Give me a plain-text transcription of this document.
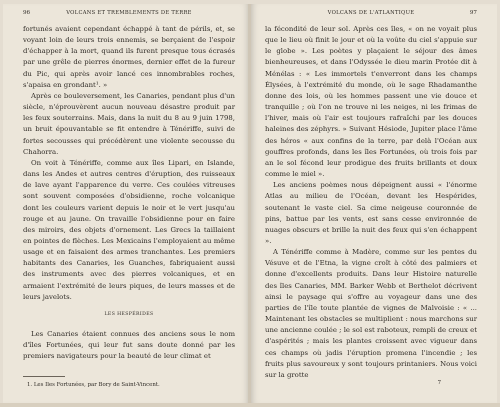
96	VOLCANS ET TREMBLEMENTS DE TERRE

fortunés avaient cependant échappé à tant de périls, et, se voyant loin de leurs trois ennemis, se berçaient de l'espoir d'échapper à la mort, quand ils furent presque tous écrasés par une grêle de pierres énormes, dernier effet de la fureur du Pic, qui après avoir lancé ces innombrables roches, s'apaisa en grondant¹. »

Après ce bouleversement, les Canaries, pendant plus d'un siècle, n'éprouvèrent aucun nouveau désastre produit par les feux souterrains. Mais, dans la nuit du 8 au 9 juin 1798, un bruit épouvantable se fit entendre à Ténériffe, suivi de fortes secousses qui précédèrent une violente secousse du Chahorra.

On voit à Ténériffe, comme aux îles Lipari, en Islande, dans les Andes et autres centres d'éruption, des ruisseaux de lave ayant l'apparence du verre. Ces coulées vitreuses sont souvent composées d'obsidienne, roche volcanique dont les couleurs varient depuis le noir et le vert jusqu'au rouge et au jaune. On travaille l'obsidienne pour en faire des miroirs, des objets d'ornement. Les Grecs la taillaient en pointes de flèches. Les Mexicains l'employaient au même usage et en faisaient des armes tranchantes. Les premiers habitants des Canaries, les Guanches, fabriquaient aussi des instruments avec des pierres volcaniques, et en armaient l'extrémité de leurs piques, de leurs masses et de leurs javelots.

LES HESPÉRIDES

Les Canaries étaient connues des anciens sous le nom d'îles Fortunées, qui leur fut sans doute donné par les premiers navigateurs pour la beauté de leur climat et

1. Les Iles Fortunées, par Bory de Saint-Vincent.
VOLCANS DE L'ATLANTIQUE	97

la fécondité de leur sol. Après ces îles, « on ne voyait plus que le lieu où finit le jour et où la voûte du ciel s'appuie sur le globe ». Les poètes y plaçaient le séjour des âmes bienheureuses, et dans l'Odyssée le dieu marin Protée dit à Ménélas : « Les immortels t'enverront dans les champs Élysées, à l'extrémité du monde, où le sage Rhadamanthe donne des lois, où les hommes passent une vie douce et tranquille ; où l'on ne trouve ni les neiges, ni les frimas de l'hiver, mais où l'air est toujours rafraîchi par les douces haleines des zéphyrs. » Suivant Hésiode, Jupiter place l'âme des héros « aux confins de la terre, par delà l'Océan aux gouffres profonds, dans les îles Fortunées, où trois fois par an le sol fécond leur prodigue des fruits brillants et doux comme le miel ».

Les anciens poèmes nous dépeignent aussi « l'énorme Atlas au milieu de l'Océan, devant les Hespérides, soutenant le vaste ciel. Sa cime neigeuse couronnée de pins, battue par les vents, est sans cesse environnée de nuages obscurs et brille la nuit des feux qui s'en échappent ».

A Ténériffe comme à Madère, comme sur les pentes du Vésuve et de l'Etna, la vigne croît à côté des palmiers et donne d'excellents produits. Dans leur Histoire naturelle des îles Canaries, MM. Barker Webb et Berthelot décrivent ainsi le paysage qui s'offre au voyageur dans une des parties de l'île toute plantée de vignes de Malvoisie : « ... Maintenant les obstacles se multiplient : nous marchons sur une ancienne coulée ; le sol est raboteux, rempli de creux et d'aspérités ; mais les plantes croissent avec vigueur dans ces champs où jadis l'éruption promena l'incendie ; les fruits plus savoureux y sont toujours printaniers. Nous voici sur la grotte

7
